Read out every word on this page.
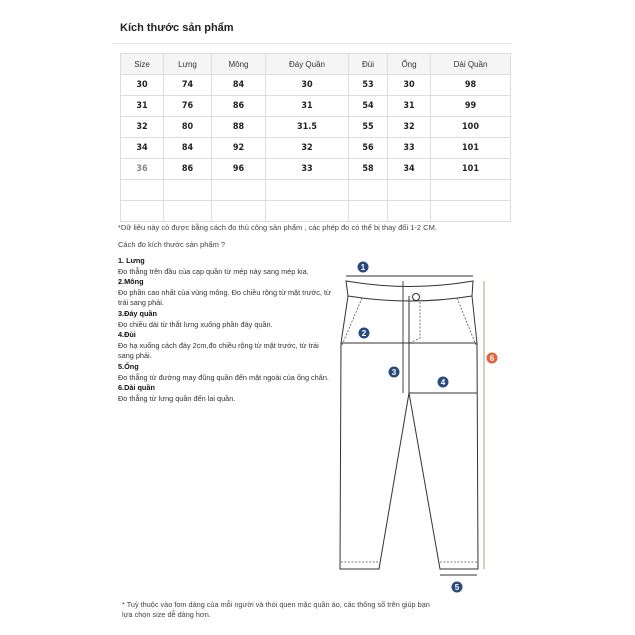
Kích thước sản phẩm
Size	Lưng	Mông	Đáy Quần	Đùi	Ống	Dài Quần
30	74	84	30	53	30	98
31	76	86	31	54	31	99
32	80	88	31.5	55	32	100
34	84	92	32	56	33	101
36	86	96	33	58	34	101

*Dữ liệu này có được bằng cách đo thủ công sản phẩm , các phép đo có thể bị thay đổi 1-2 CM.
Cách đo kích thước sản phẩm ?
1. Lưng
Đo thẳng trên đầu của cạp quần từ mép này sang mép kia.
2.Mông
Đo phần cao nhất của vùng mông. Đo chiều rộng từ mặt trước, từ trái sang phải.
3.Đáy quần
Đo chiều dài từ thắt lưng xuống phần đáy quần.
4.Đùi
Đo hạ xuống cách đáy 2cm,đo chiều rộng từ mặt trước, từ trái sang phải.
5.Ống
Đo thẳng từ đường may đũng quần đến mặt ngoài của ống chân.
6.Dài quần
Đo thẳng từ lưng quần đến lai quần.
1
2
3
4
5
6
* Tuỳ thuộc vào fom dáng của mỗi người và thói quen mặc quần áo, các thông số trên giúp bạn lựa chọn size dễ dàng hơn.
